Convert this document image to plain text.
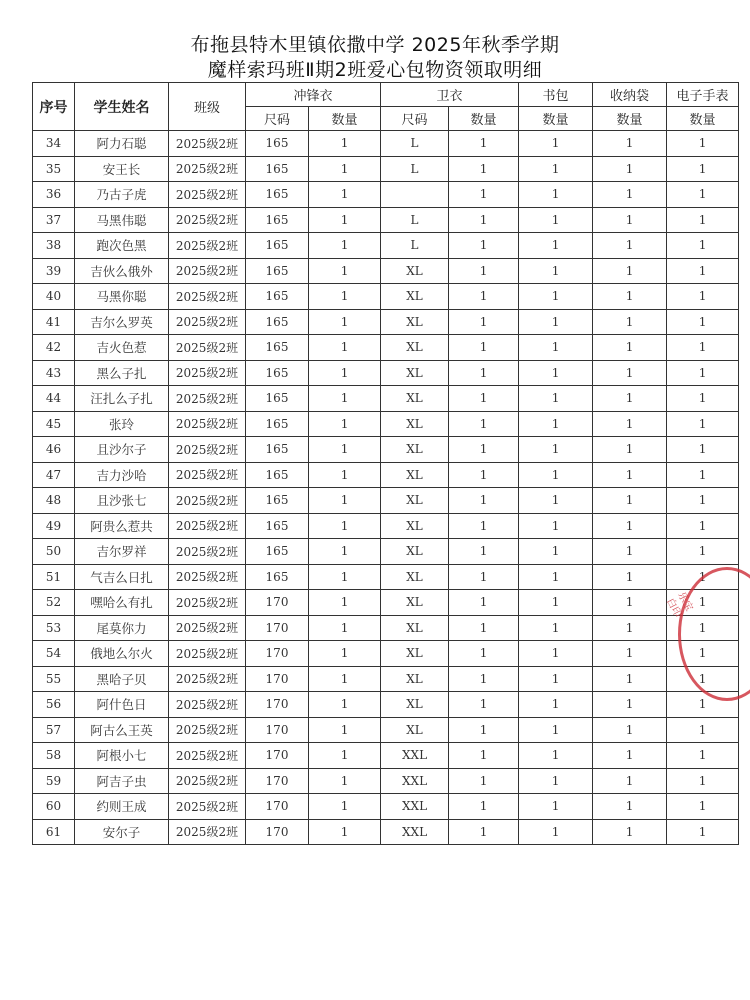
布拖县特木里镇依撒中学 2025年秋季学期
魔样索玛班Ⅱ期2班爱心包物资领取明细
序号	学生姓名	班级	冲锋衣		卫衣		书包	收纳袋	电子手表
			尺码	数量	尺码	数量	数量	数量	数量
34	阿力石聪	2025级2班	165	1	L	1	1	1	1
35	安王长	2025级2班	165	1	L	1	1	1	1
36	乃古子虎	2025级2班	165	1		1	1	1	1
37	马黑伟聪	2025级2班	165	1	L	1	1	1	1
38	跑次色黑	2025级2班	165	1	L	1	1	1	1
39	吉伙么俄外	2025级2班	165	1	XL	1	1	1	1
40	马黑你聪	2025级2班	165	1	XL	1	1	1	1
41	吉尔么罗英	2025级2班	165	1	XL	1	1	1	1
42	吉火色惹	2025级2班	165	1	XL	1	1	1	1
43	黑么子扎	2025级2班	165	1	XL	1	1	1	1
44	汪扎么子扎	2025级2班	165	1	XL	1	1	1	1
45	张玲	2025级2班	165	1	XL	1	1	1	1
46	且沙尔子	2025级2班	165	1	XL	1	1	1	1
47	吉力沙哈	2025级2班	165	1	XL	1	1	1	1
48	且沙张七	2025级2班	165	1	XL	1	1	1	1
49	阿贵么惹共	2025级2班	165	1	XL	1	1	1	1
50	吉尔罗祥	2025级2班	165	1	XL	1	1	1	1
51	气吉么日扎	2025级2班	165	1	XL	1	1	1	1
52	嘿哈么有扎	2025级2班	170	1	XL	1	1	1	1
53	尾莫你力	2025级2班	170	1	XL	1	1	1	1
54	俄地么尔火	2025级2班	170	1	XL	1	1	1	1
55	黑哈子贝	2025级2班	170	1	XL	1	1	1	1
56	阿什色日	2025级2班	170	1	XL	1	1	1	1
57	阿古么王英	2025级2班	170	1	XL	1	1	1	1
58	阿根小七	2025级2班	170	1	XXL	1	1	1	1
59	阿吉子虫	2025级2班	170	1	XXL	1	1	1	1
60	约则王成	2025级2班	170	1	XXL	1	1	1	1
61	安尔子	2025级2班	170	1	XXL	1	1	1	1
乐宝白印
